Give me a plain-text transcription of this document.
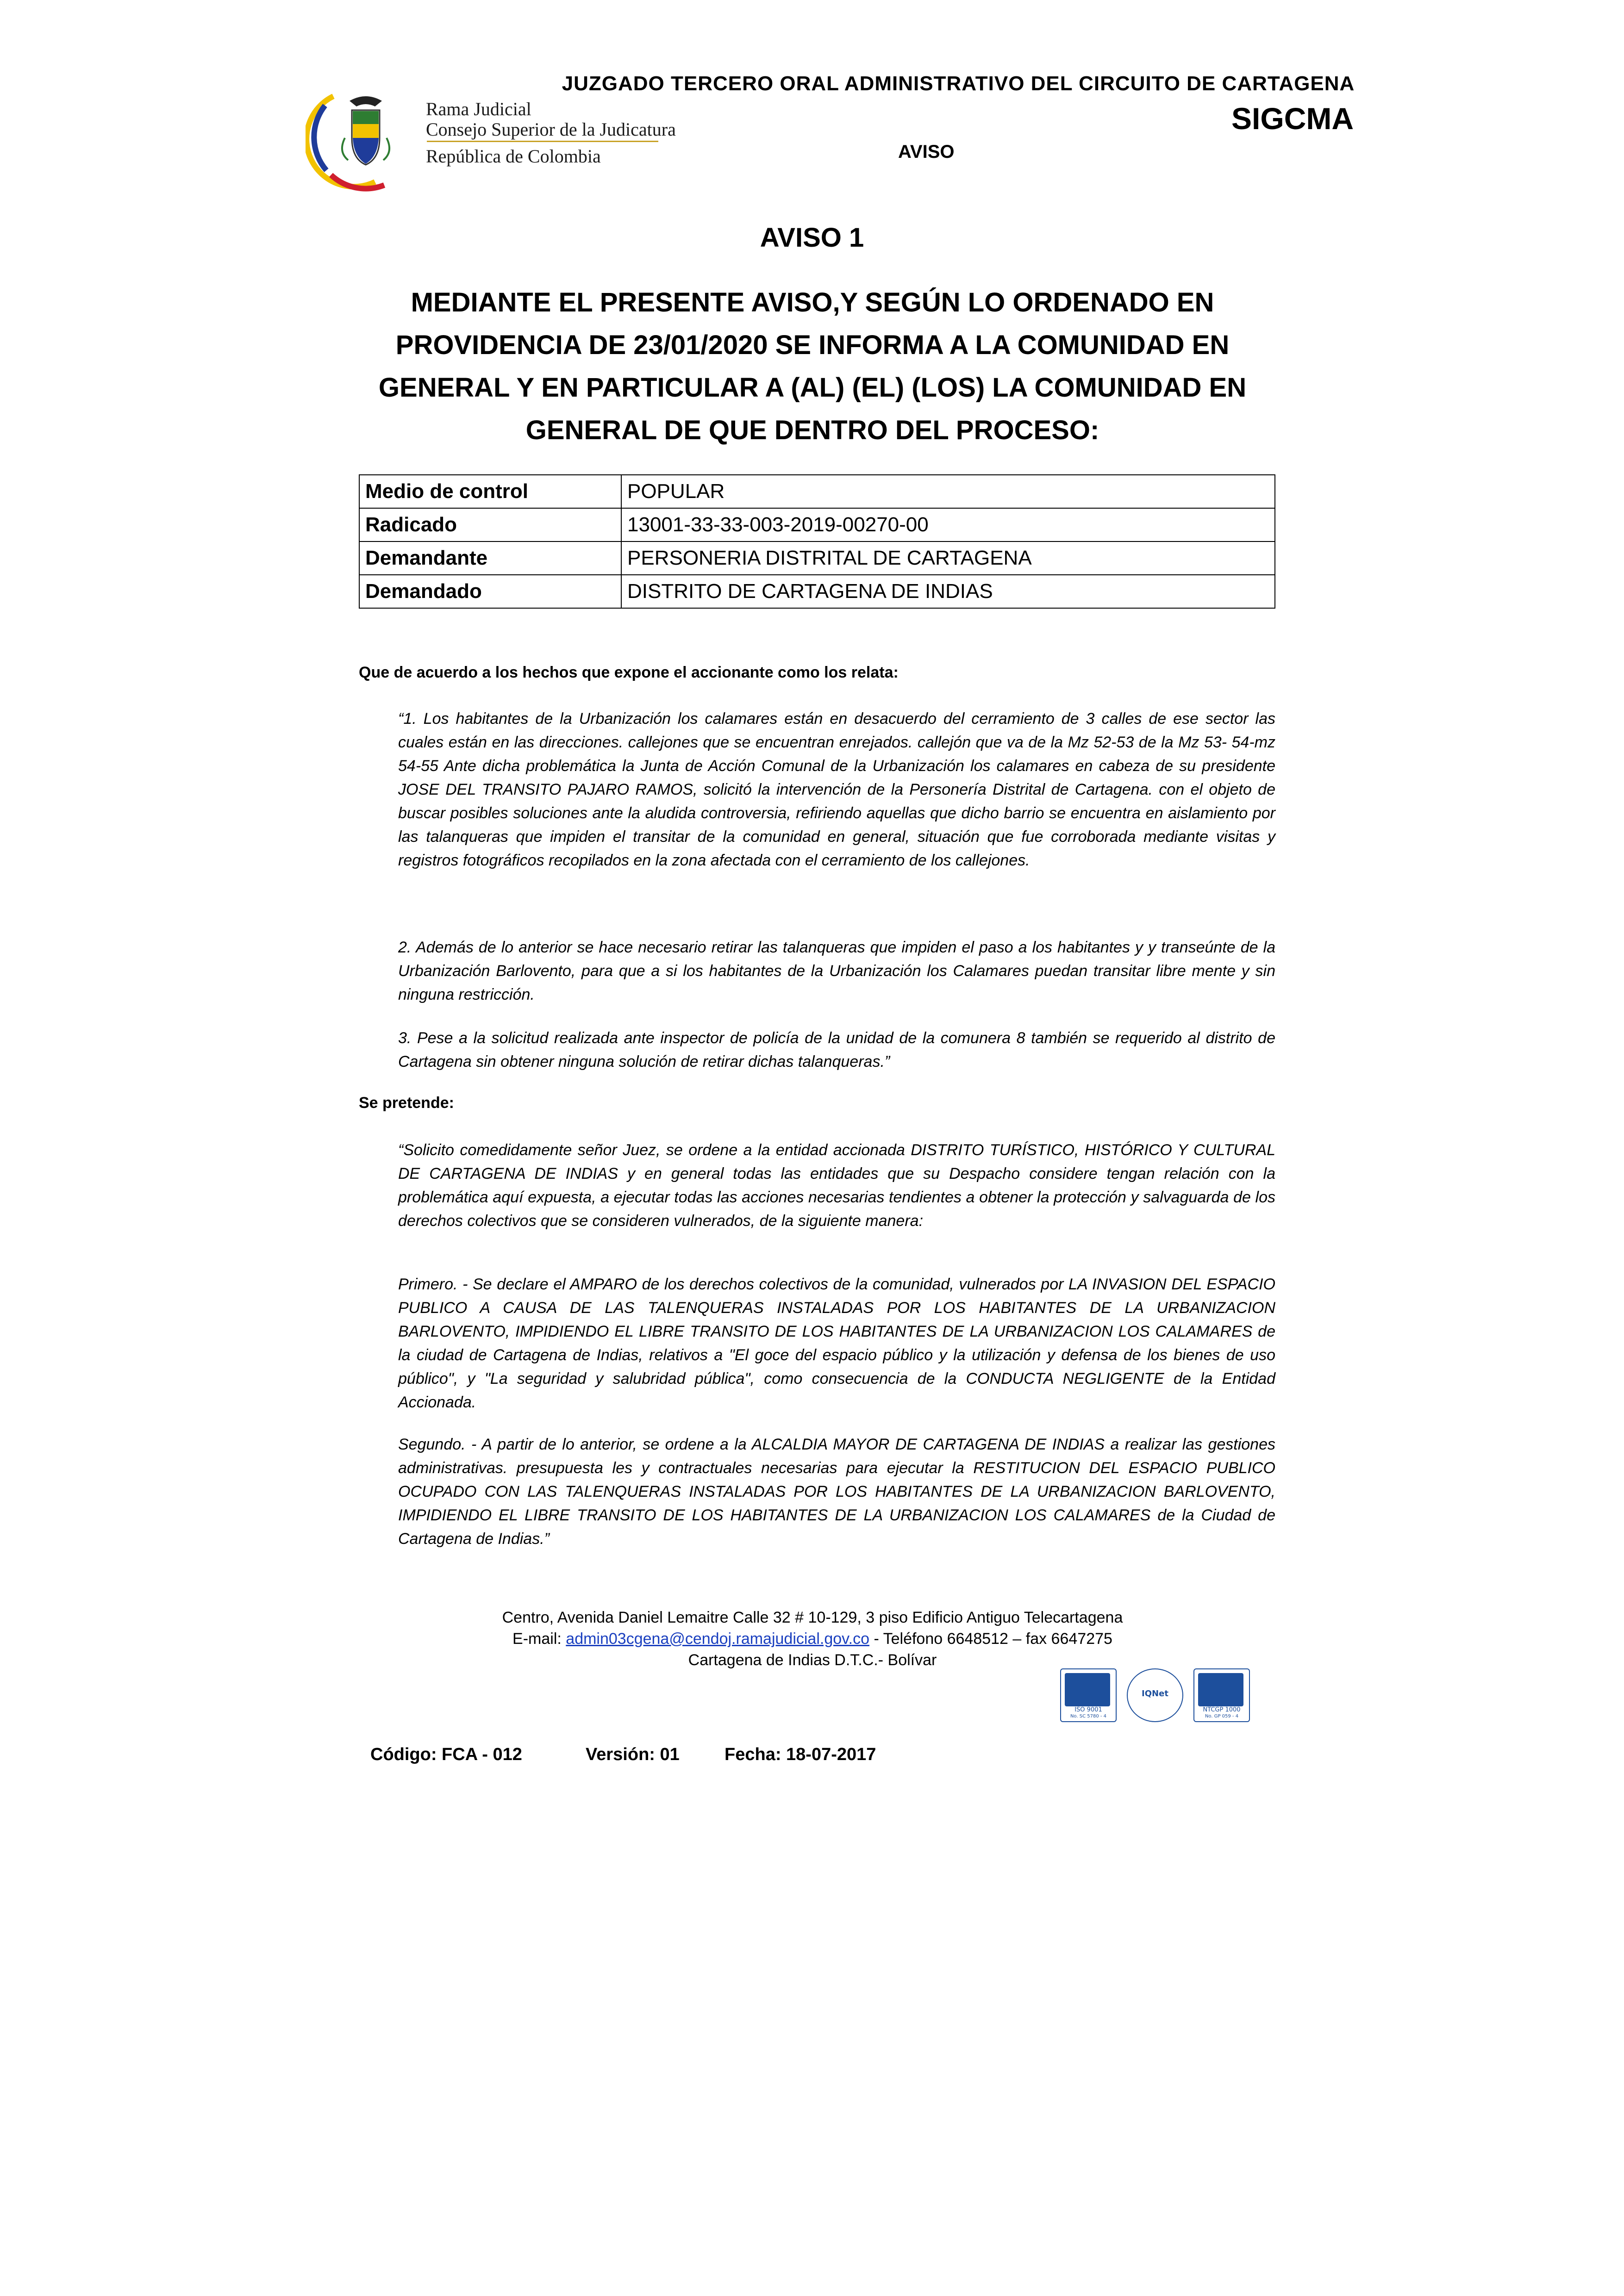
Rama Judicial
Consejo Superior de la Judicatura
República de Colombia
JUZGADO TERCERO ORAL ADMINISTRATIVO DEL CIRCUITO DE CARTAGENA
SIGCMA
AVISO
AVISO 1
MEDIANTE EL PRESENTE AVISO,Y SEGÚN LO ORDENADO EN
PROVIDENCIA DE 23/01/2020 SE INFORMA A LA COMUNIDAD EN
GENERAL Y EN PARTICULAR A (AL) (EL) (LOS) LA COMUNIDAD EN
GENERAL DE QUE DENTRO DEL PROCESO:
Medio de control	POPULAR
Radicado	13001-33-33-003-2019-00270-00
Demandante	PERSONERIA DISTRITAL DE CARTAGENA
Demandado	DISTRITO DE CARTAGENA DE INDIAS
Que de acuerdo a los hechos que expone el accionante como los relata:
“1. Los habitantes de la Urbanización los calamares están en desacuerdo del cerramiento de 3 calles de ese sector las cuales están en las direcciones. callejones que se encuentran enrejados. callejón que va de la Mz 52-53 de la Mz 53- 54-mz 54-55 Ante dicha problemática la Junta de Acción Comunal de la Urbanización los calamares en cabeza de su presidente JOSE DEL TRANSITO PAJARO RAMOS, solicitó la intervención de la Personería Distrital de Cartagena. con el objeto de buscar posibles soluciones ante la aludida controversia, refiriendo aquellas que dicho barrio se encuentra en aislamiento por las talanqueras que impiden el transitar de la comunidad en general, situación que fue corroborada mediante visitas y registros fotográficos recopilados en la zona afectada con el cerramiento de los callejones.
2. Además de lo anterior se hace necesario retirar las talanqueras que impiden el paso a los habitantes y y transeúnte de la Urbanización Barlovento, para que a si los habitantes de la Urbanización los Calamares puedan transitar libre mente y sin ninguna restricción.
3. Pese a la solicitud realizada ante inspector de policía de la unidad de la comunera 8 también se requerido al distrito de Cartagena sin obtener ninguna solución de retirar dichas talanqueras.”
Se pretende:
“Solicito comedidamente señor Juez, se ordene a la entidad accionada DISTRITO TURÍSTICO, HISTÓRICO Y CULTURAL DE CARTAGENA DE INDIAS y en general todas las entidades que su Despacho considere tengan relación con la problemática aquí expuesta, a ejecutar todas las acciones necesarias tendientes a obtener la protección y salvaguarda de los derechos colectivos que se consideren vulnerados, de la siguiente manera:
Primero. - Se declare el AMPARO de los derechos colectivos de la comunidad, vulnerados por LA INVASION DEL ESPACIO PUBLICO A CAUSA DE LAS TALENQUERAS INSTALADAS POR LOS HABITANTES DE LA URBANIZACION BARLOVENTO, IMPIDIENDO EL LIBRE TRANSITO DE LOS HABITANTES DE LA URBANIZACION LOS CALAMARES de la ciudad de Cartagena de Indias, relativos a "El goce del espacio público y la utilización y defensa de los bienes de uso público", y "La seguridad y salubridad pública", como consecuencia de la CONDUCTA NEGLIGENTE de la Entidad Accionada.
Segundo. - A partir de lo anterior, se ordene a la ALCALDIA MAYOR DE CARTAGENA DE INDIAS a realizar las gestiones administrativas. presupuesta les y contractuales necesarias para ejecutar la RESTITUCION DEL ESPACIO PUBLICO OCUPADO CON LAS TALENQUERAS INSTALADAS POR LOS HABITANTES DE LA URBANIZACION BARLOVENTO, IMPIDIENDO EL LIBRE TRANSITO DE LOS HABITANTES DE LA URBANIZACION LOS CALAMARES de la Ciudad de Cartagena de Indias.”
Centro, Avenida Daniel Lemaitre Calle 32 # 10-129, 3 piso Edificio Antiguo Telecartagena
E-mail: admin03cgena@cendoj.ramajudicial.gov.co - Teléfono 6648512 – fax 6647275
Cartagena de Indias D.T.C.- Bolívar
ISO 9001
No. SC 5780 - 4
IQNet
NTCGP 1000
No. GP 059 - 4
Código: FCA - 012	Versión: 01	Fecha: 18-07-2017
